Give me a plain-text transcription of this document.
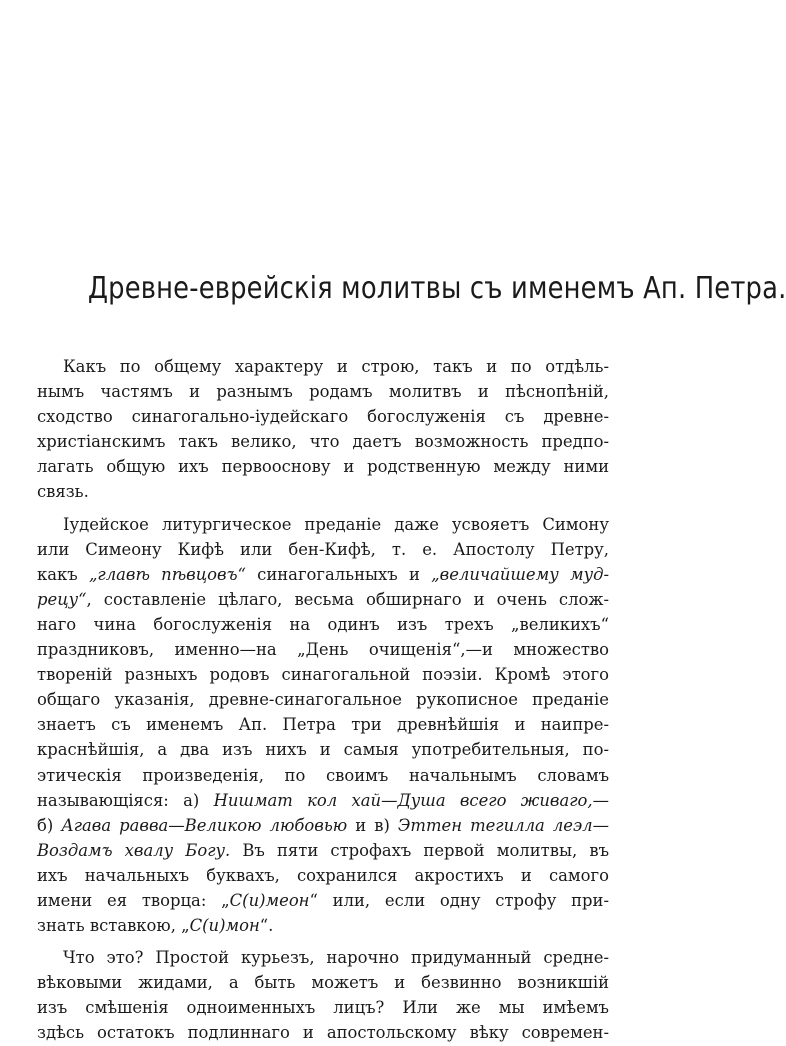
Древне-еврейскія молитвы съ именемъ Ап. Петра.
Какъ по общему характеру и строю, такъ и по отдѣль-
нымъ частямъ и разнымъ родамъ молитвъ и пѣснопѣній,
сходство синагогально-іудейскаго богослуженія съ древне-
христіанскимъ такъ велико, что даетъ возможность предпо-
лагать общую ихъ первооснову и родственную между ними
связь.
Іудейское литургическое преданіе даже усвояетъ Симону
или Симеону Кифѣ или бен-Кифѣ, т. е. Апостолу Петру,
какъ „главѣ пѣвцовъ“ синагогальныхъ и „величайшему муд-
рецу“, составленіе цѣлаго, весьма обширнаго и очень слож-
наго чина богослуженія на одинъ изъ трехъ „великихъ“
праздниковъ, именно—на „День очищенія“,—и множество
твореній разныхъ родовъ синагогальной поэзіи. Кромѣ этого
общаго указанія, древне-синагогальное рукописное преданіе
знаетъ съ именемъ Ап. Петра три древнѣйшія и наипре-
краснѣйшія, а два изъ нихъ и самыя употребительныя, по-
этическія произведенія, по своимъ начальнымъ словамъ
называющіяся: а) Нишмат кол хай—Душа всего живаго,—
б) Агава равва—Великою любовью и в) Эттен тегилла леэл—
Воздамъ хвалу Богу. Въ пяти строфахъ первой молитвы, въ
ихъ начальныхъ буквахъ, сохранился акростихъ и самого
имени ея творца: „С(и)меон“ или, если одну строфу при-
знать вставкою, „С(и)мон“.
Что это? Простой курьезъ, нарочно придуманный средне-
вѣковыми жидами, а быть можетъ и безвинно возникшій
изъ смѣшенія одноименныхъ лицъ? Или же мы имѣемъ
здѣсь остатокъ подлиннаго и апостольскому вѣку современ-
